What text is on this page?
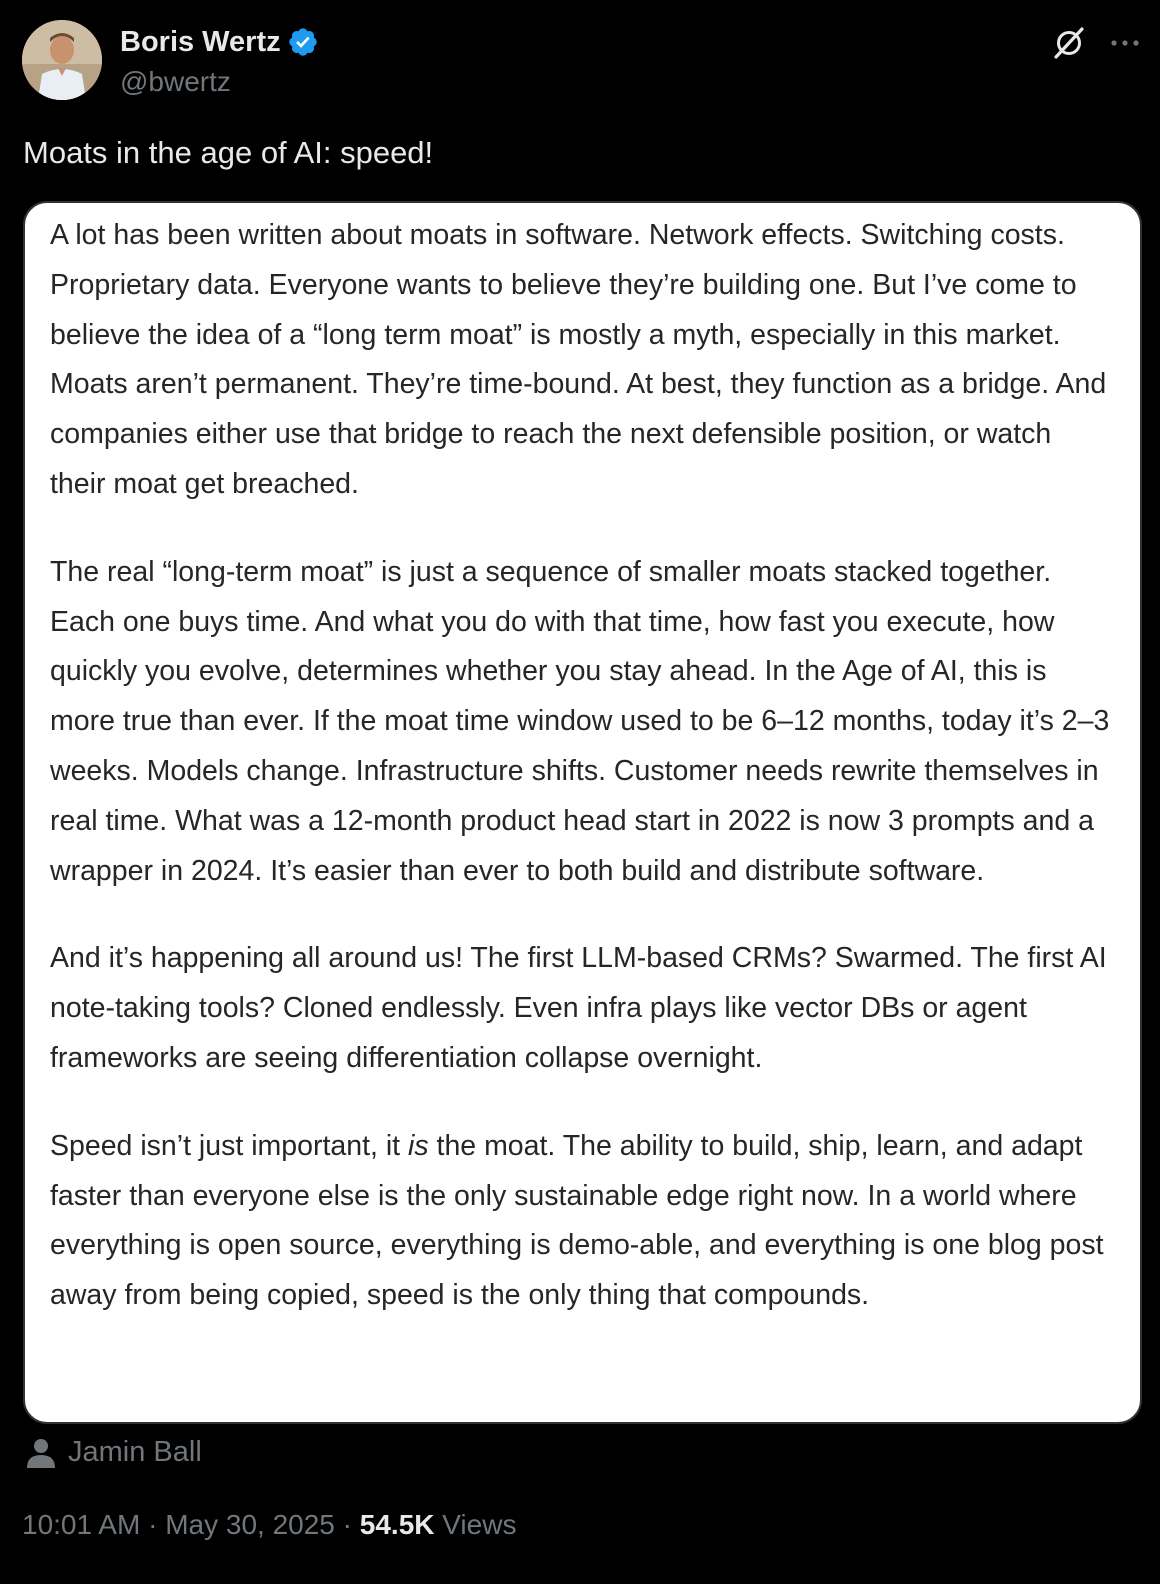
Boris Wertz
@bwertz

Moats in the age of AI: speed!

A lot has been written about moats in software. Network effects. Switching costs. Proprietary data. Everyone wants to believe they’re building one. But I’ve come to believe the idea of a “long term moat” is mostly a myth, especially in this market. Moats aren’t permanent. They’re time-bound. At best, they function as a bridge. And companies either use that bridge to reach the next defensible position, or watch their moat get breached.

The real “long-term moat” is just a sequence of smaller moats stacked together. Each one buys time. And what you do with that time, how fast you execute, how quickly you evolve, determines whether you stay ahead. In the Age of AI, this is more true than ever. If the moat time window used to be 6–12 months, today it’s 2–3 weeks. Models change. Infrastructure shifts. Customer needs rewrite themselves in real time. What was a 12-month product head start in 2022 is now 3 prompts and a wrapper in 2024. It’s easier than ever to both build and distribute software.

And it’s happening all around us! The first LLM-based CRMs? Swarmed. The first AI note-taking tools? Cloned endlessly. Even infra plays like vector DBs or agent frameworks are seeing differentiation collapse overnight.

Speed isn’t just important, it is the moat. The ability to build, ship, learn, and adapt faster than everyone else is the only sustainable edge right now. In a world where everything is open source, everything is demo-able, and everything is one blog post away from being copied, speed is the only thing that compounds.

Jamin Ball
10:01 AM · May 30, 2025 · 54.5K Views
